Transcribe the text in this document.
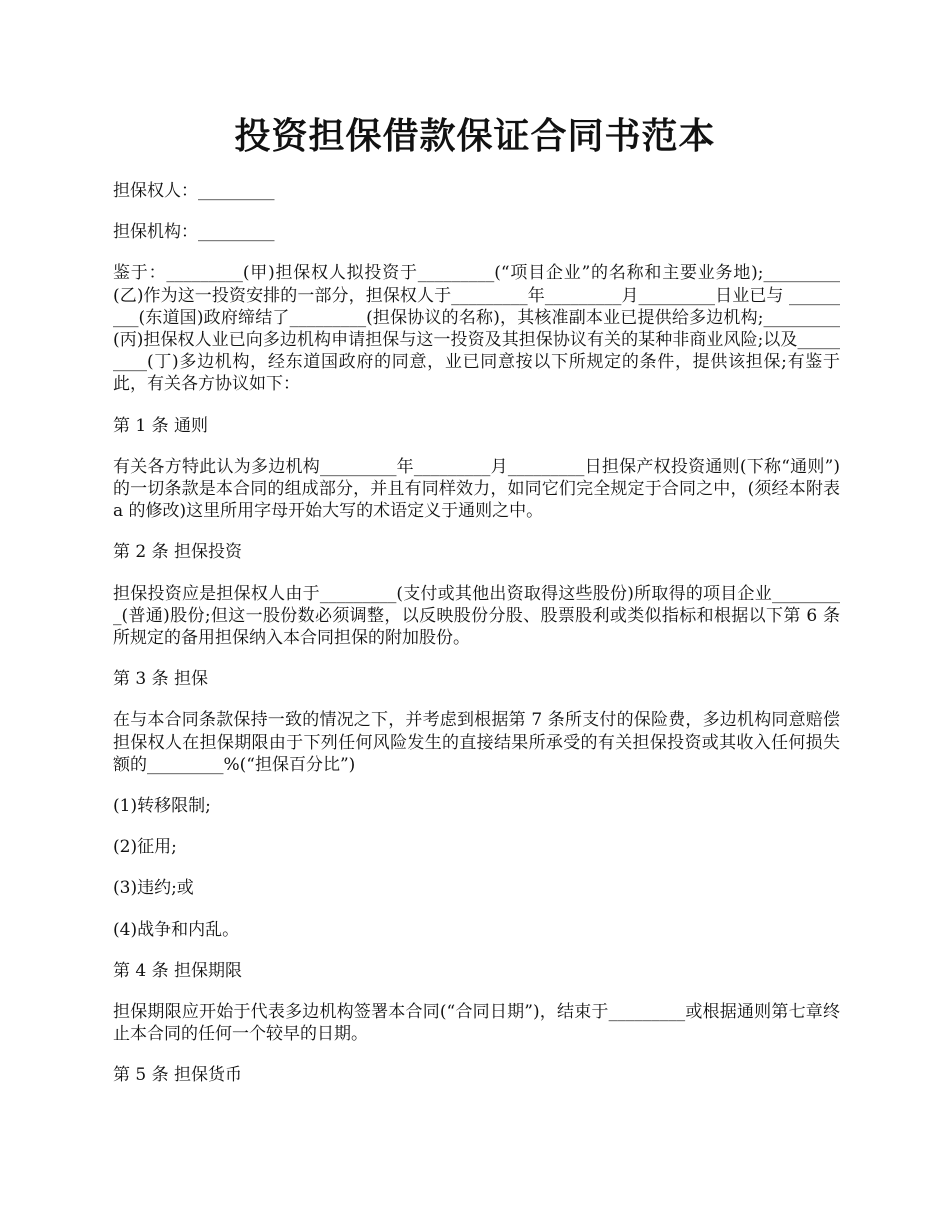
投资担保借款保证合同书范本

担保权人：_________

担保机构：_________

鉴于：_________(甲)担保权人拟投资于_________(“项目企业”的名称和主要业务地);_________(乙)作为这一投资安排的一部分，担保权人于_________年_________月_________日业已与 _________(东道国)政府缔结了_________(担保协议的名称)，其核准副本业已提供给多边机构;_________(丙)担保权人业已向多边机构申请担保与这一投资及其担保协议有关的某种非商业风险;以及_________(丁)多边机构，经东道国政府的同意，业已同意按以下所规定的条件，提供该担保;有鉴于此，有关各方协议如下：

第 1 条 通则

有关各方特此认为多边机构_________年_________月_________日担保产权投资通则(下称“通则”)的一切条款是本合同的组成部分，并且有同样效力，如同它们完全规定于合同之中，(须经本附表 a 的修改)这里所用字母开始大写的术语定义于通则之中。

第 2 条 担保投资

担保投资应是担保权人由于_________(支付或其他出资取得这些股份)所取得的项目企业_________(普通)股份;但这一股份数必须调整，以反映股份分股、股票股利或类似指标和根据以下第 6 条所规定的备用担保纳入本合同担保的附加股份。

第 3 条 担保

在与本合同条款保持一致的情况之下，并考虑到根据第 7 条所支付的保险费，多边机构同意赔偿担保权人在担保期限由于下列任何风险发生的直接结果所承受的有关担保投资或其收入任何损失额的_________%(“担保百分比”)

(1)转移限制;

(2)征用;

(3)违约;或

(4)战争和内乱。

第 4 条 担保期限

担保期限应开始于代表多边机构签署本合同(“合同日期”)，结束于_________或根据通则第七章终止本合同的任何一个较早的日期。

第 5 条 担保货币
